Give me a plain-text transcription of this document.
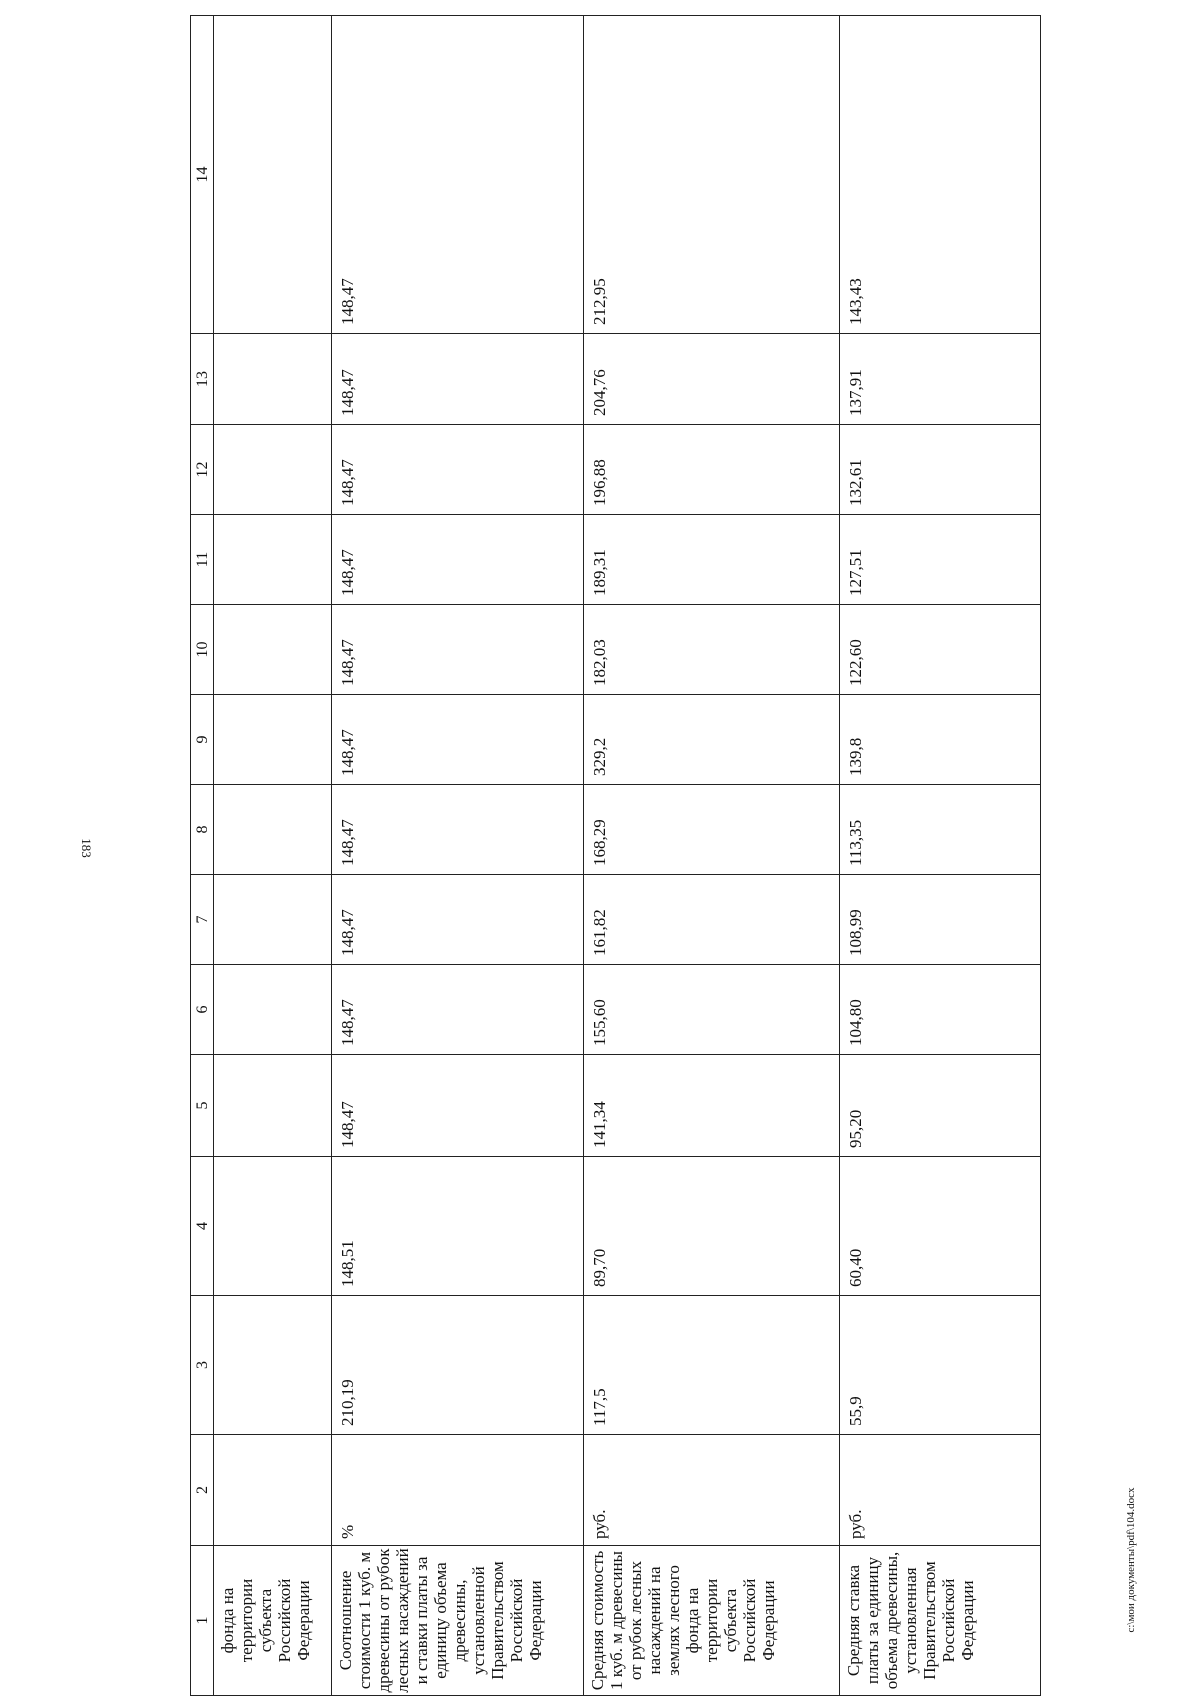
183
1	2	3	4	5	6	7	8	9	10	11	12	13	14
фонда на территории субъекта Российской Федерации													
Соотношение стоимости 1 куб. м древесины от рубок лесных насаждений и ставки платы за единицу объема древесины, установленной Правительством Российской Федерации	%	210,19	148,51	148,47	148,47	148,47	148,47	148,47	148,47	148,47	148,47	148,47	148,47
Средняя стоимость 1 куб. м древесины от рубок лесных насаждений на землях лесного фонда на территории субъекта Российской Федерации	руб.	117,5	89,70	141,34	155,60	161,82	168,29	329,2	182,03	189,31	196,88	204,76	212,95
Средняя ставка платы за единицу объема древесины, установленная Правительством Российской Федерации	руб.	55,9	60,40	95,20	104,80	108,99	113,35	139,8	122,60	127,51	132,61	137,91	143,43
c:\мои документы\pdf\104.docx
